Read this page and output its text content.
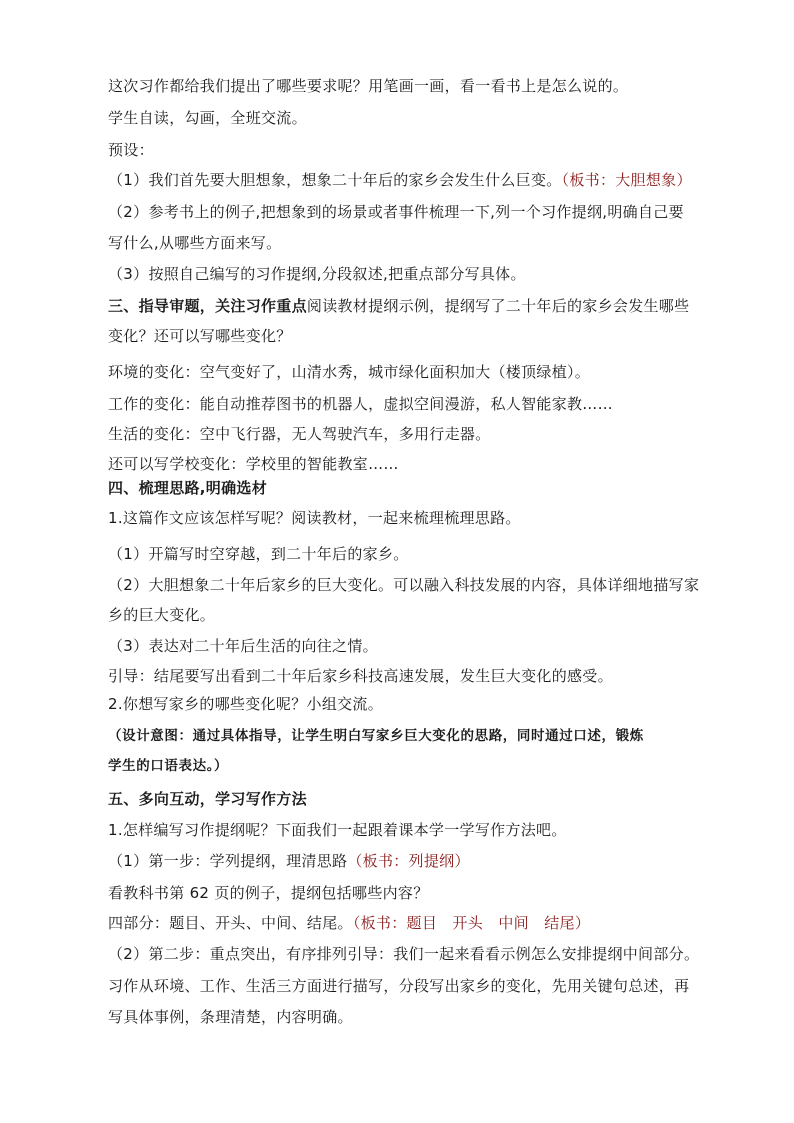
这次习作都给我们提出了哪些要求呢？用笔画一画，看一看书上是怎么说的。
学生自读，勾画，全班交流。
预设：
（1）我们首先要大胆想象，想象二十年后的家乡会发生什么巨变。（板书：大胆想象）
（2）参考书上的例子,把想象到的场景或者事件梳理一下,列一个习作提纲,明确自己要
写什么,从哪些方面来写。
（3）按照自己编写的习作提纲,分段叙述,把重点部分写具体。
三、指导审题，关注习作重点阅读教材提纲示例，提纲写了二十年后的家乡会发生哪些
变化？还可以写哪些变化？
环境的变化：空气变好了，山清水秀，城市绿化面积加大（楼顶绿植）。
工作的变化：能自动推荐图书的机器人，虚拟空间漫游，私人智能家教……
生活的变化：空中飞行器，无人驾驶汽车，多用行走器。
还可以写学校变化：学校里的智能教室……
四、梳理思路,明确选材
1.这篇作文应该怎样写呢？阅读教材，一起来梳理梳理思路。
（1）开篇写时空穿越，到二十年后的家乡。
（2）大胆想象二十年后家乡的巨大变化。可以融入科技发展的内容，具体详细地描写家
乡的巨大变化。
（3）表达对二十年后生活的向往之情。
引导：结尾要写出看到二十年后家乡科技高速发展，发生巨大变化的感受。
2.你想写家乡的哪些变化呢？小组交流。
（设计意图：通过具体指导，让学生明白写家乡巨大变化的思路，同时通过口述，锻炼
学生的口语表达。）
五、多向互动，学习写作方法
1.怎样编写习作提纲呢？下面我们一起跟着课本学一学写作方法吧。
（1）第一步：学列提纲，理清思路（板书：列提纲）
看教科书第 62 页的例子，提纲包括哪些内容？
四部分：题目、开头、中间、结尾。（板书：题目　开头　中间　结尾）
（2）第二步：重点突出，有序排列引导：我们一起来看看示例怎么安排提纲中间部分。
习作从环境、工作、生活三方面进行描写，分段写出家乡的变化，先用关键句总述，再
写具体事例，条理清楚，内容明确。
